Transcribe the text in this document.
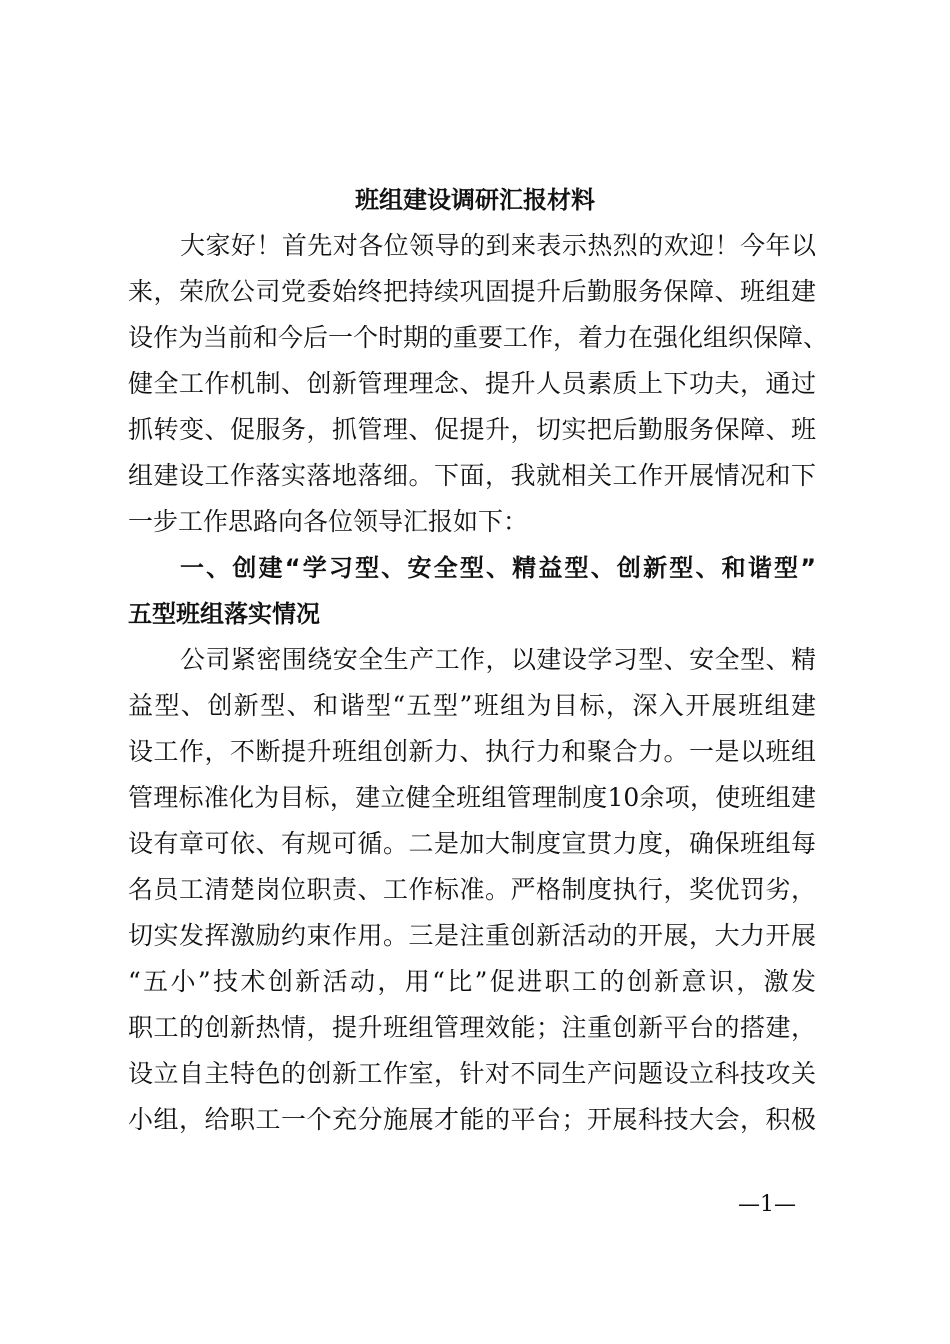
班组建设调研汇报材料
大家好！首先对各位领导的到来表示热烈的欢迎！今年以
来，荣欣公司党委始终把持续巩固提升后勤服务保障、班组建
设作为当前和今后一个时期的重要工作，着力在强化组织保障、
健全工作机制、创新管理理念、提升人员素质上下功夫，通过
抓转变、促服务，抓管理、促提升，切实把后勤服务保障、班
组建设工作落实落地落细。下面，我就相关工作开展情况和下
一步工作思路向各位领导汇报如下：
一、创建“学习型、安全型、精益型、创新型、和谐型”
五型班组落实情况
公司紧密围绕安全生产工作，以建设学习型、安全型、精
益型、创新型、和谐型“五型”班组为目标，深入开展班组建
设工作，不断提升班组创新力、执行力和聚合力。一是以班组
管理标准化为目标，建立健全班组管理制度10余项，使班组建
设有章可依、有规可循。二是加大制度宣贯力度，确保班组每
名员工清楚岗位职责、工作标准。严格制度执行，奖优罚劣，
切实发挥激励约束作用。三是注重创新活动的开展，大力开展
“五小”技术创新活动，用“比”促进职工的创新意识，激发
职工的创新热情，提升班组管理效能；注重创新平台的搭建，
设立自主特色的创新工作室，针对不同生产问题设立科技攻关
小组，给职工一个充分施展才能的平台；开展科技大会，积极
—1—
